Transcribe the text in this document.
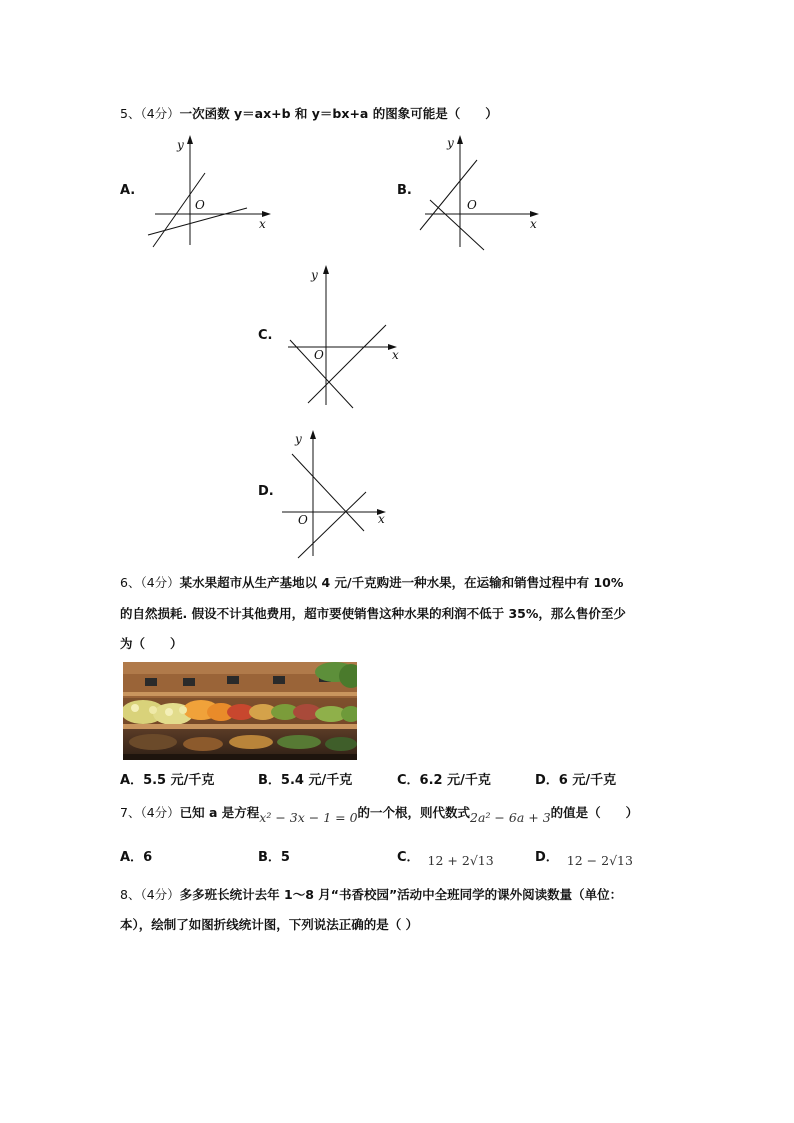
5、（4分）一次函数 y＝ax+b 和 y＝bx+a 的图象可能是（　　）
A.
y
x
O
B.
y
x
O
C.
y
x
O
D.
y
x
O
6、（4分）某水果超市从生产基地以 4 元/千克购进一种水果，在运输和销售过程中有 10%
的自然损耗. 假设不计其他费用，超市要使销售这种水果的利润不低于 35%，那么售价至少
为（　　）
A．5.5 元/千克	B．5.4 元/千克	C．6.2 元/千克	D．6 元/千克
7、（4分）已知 a 是方程x² − 3x − 1 = 0的一个根，则代数式2a² − 6a + 3的值是（　　）
A．6	B．5	C． 12 + 2√13	D． 12 − 2√13
8、（4分）多多班长统计去年 1～8 月“书香校园”活动中全班同学的课外阅读数量（单位：
本），绘制了如图折线统计图，下列说法正确的是（ ）
